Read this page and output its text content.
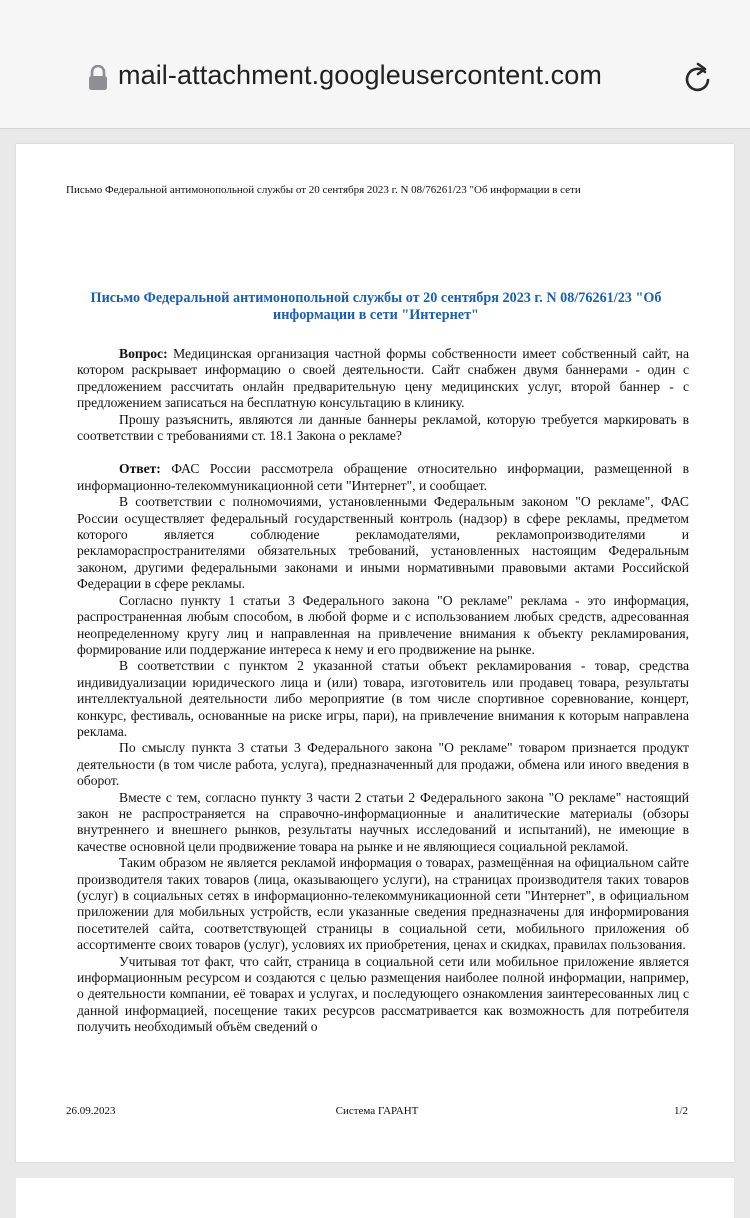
mail-attachment.googleusercontent.com
Письмо Федеральной антимонопольной службы от 20 сентября 2023 г. N 08/76261/23 "Об информации в сети
Письмо Федеральной антимонопольной службы от 20 сентября 2023 г. N 08/76261/23 "Об информации в сети "Интернет"

Вопрос: Медицинская организация частной формы собственности имеет собственный сайт, на котором раскрывает информацию о своей деятельности. Сайт снабжен двумя баннерами - один с предложением рассчитать онлайн предварительную цену медицинских услуг, второй баннер - с предложением записаться на бесплатную консультацию в клинику.

Прошу разъяснить, являются ли данные баннеры рекламой, которую требуется маркировать в соответствии с требованиями ст. 18.1 Закона о рекламе?

Ответ: ФАС России рассмотрела обращение относительно информации, размещенной в информационно-телекоммуникационной сети "Интернет", и сообщает.

В соответствии с полномочиями, установленными Федеральным законом "О рекламе", ФАС России осуществляет федеральный государственный контроль (надзор) в сфере рекламы, предметом которого является соблюдение рекламодателями, рекламопроизводителями и рекламораспространителями обязательных требований, установленных настоящим Федеральным законом, другими федеральными законами и иными нормативными правовыми актами Российской Федерации в сфере рекламы.

Согласно пункту 1 статьи 3 Федерального закона "О рекламе" реклама - это информация, распространенная любым способом, в любой форме и с использованием любых средств, адресованная неопределенному кругу лиц и направленная на привлечение внимания к объекту рекламирования, формирование или поддержание интереса к нему и его продвижение на рынке.

В соответствии с пунктом 2 указанной статьи объект рекламирования - товар, средства индивидуализации юридического лица и (или) товара, изготовитель или продавец товара, результаты интеллектуальной деятельности либо мероприятие (в том числе спортивное соревнование, концерт, конкурс, фестиваль, основанные на риске игры, пари), на привлечение внимания к которым направлена реклама.

По смыслу пункта 3 статьи 3 Федерального закона "О рекламе" товаром признается продукт деятельности (в том числе работа, услуга), предназначенный для продажи, обмена или иного введения в оборот.

Вместе с тем, согласно пункту 3 части 2 статьи 2 Федерального закона "О рекламе" настоящий закон не распространяется на справочно-информационные и аналитические материалы (обзоры внутреннего и внешнего рынков, результаты научных исследований и испытаний), не имеющие в качестве основной цели продвижение товара на рынке и не являющиеся социальной рекламой.

Таким образом не является рекламой информация о товарах, размещённая на официальном сайте производителя таких товаров (лица, оказывающего услуги), на страницах производителя таких товаров (услуг) в социальных сетях в информационно-телекоммуникационной сети "Интернет", в официальном приложении для мобильных устройств, если указанные сведения предназначены для информирования посетителей сайта, соответствующей страницы в социальной сети, мобильного приложения об ассортименте своих товаров (услуг), условиях их приобретения, ценах и скидках, правилах пользования.

Учитывая тот факт, что сайт, страница в социальной сети или мобильное приложение является информационным ресурсом и создаются с целью размещения наиболее полной информации, например, о деятельности компании, её товарах и услугах, и последующего ознакомления заинтересованных лиц с данной информацией, посещение таких ресурсов рассматривается как возможность для потребителя получить необходимый объём сведений о

Система ГАРАНТ
26.09.2023	1/2
